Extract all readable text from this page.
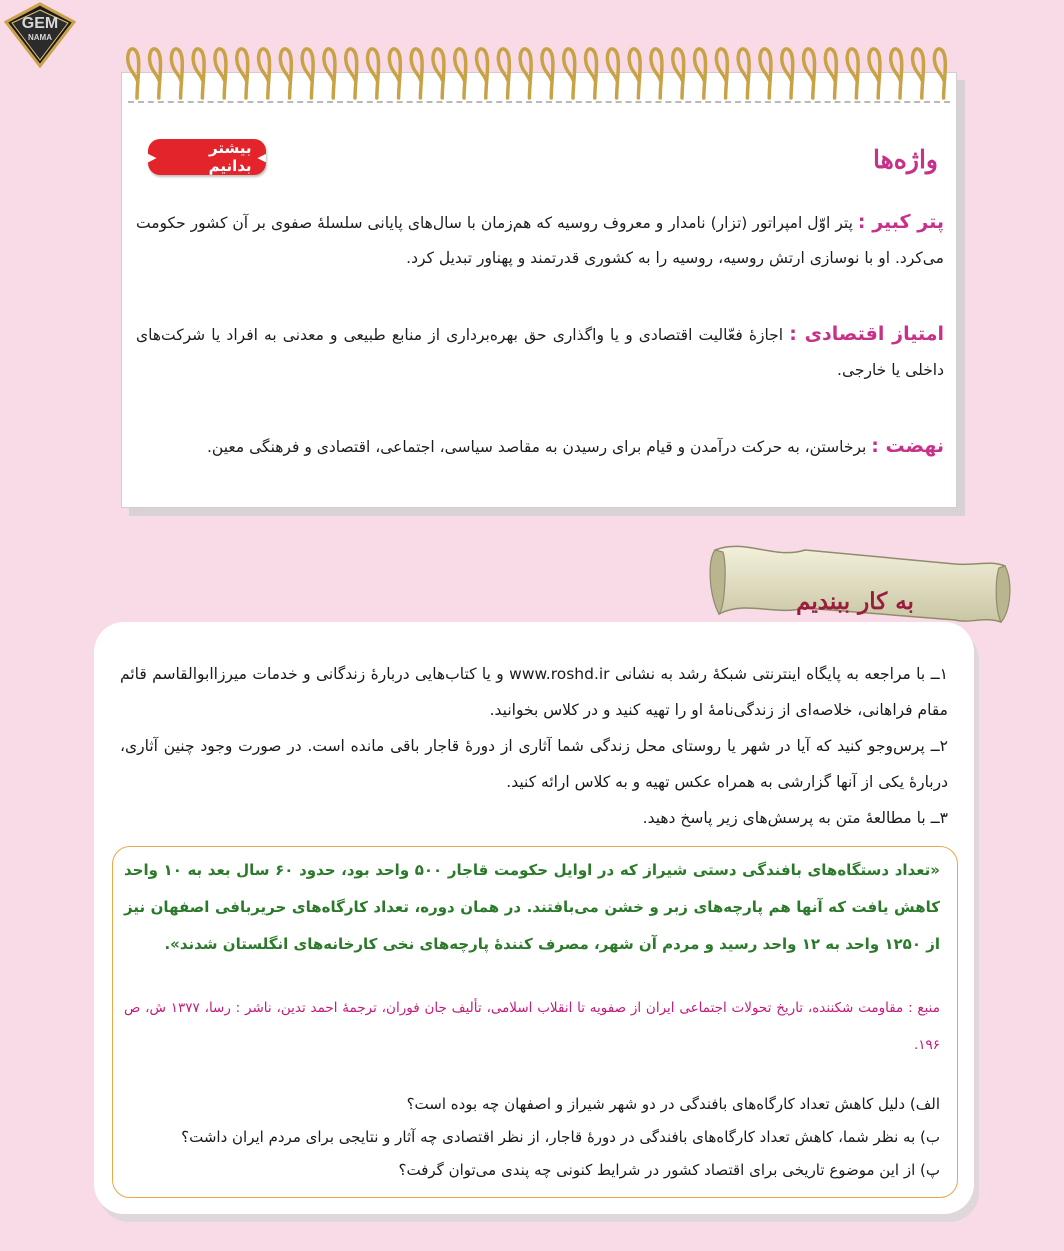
GEM
NAMA
واژه‌ها
◀
بیشتر بدانیم
▶
پتر کبیر : پتر اوّل امپراتور (تزار) نامدار و معروف روسیه که هم‌زمان با سال‌های پایانی سلسلهٔ صفوی بر آن کشور حکومت می‌کرد. او با نوسازی ارتش روسیه، روسیه را به کشوری قدرتمند و پهناور تبدیل کرد.
امتیاز اقتصادی : اجازهٔ فعّالیت اقتصادی و یا واگذاری حق بهره‌برداری از منابع طبیعی و معدنی به افراد یا شرکت‌های داخلی یا خارجی.
نهضت : برخاستن، به حرکت درآمدن و قیام برای رسیدن به مقاصد سیاسی، اجتماعی، اقتصادی و فرهنگی معین.
به کار ببندیم

۱ــ با مراجعه به پایگاه اینترنتی شبکهٔ رشد به نشانی www.roshd.ir و یا کتاب‌هایی دربارهٔ زندگانی و خدمات میرزاابوالقاسم قائم مقام فراهانی، خلاصه‌ای از زندگی‌نامهٔ او را تهیه کنید و در کلاس بخوانید.

۲ــ پرس‌وجو کنید که آیا در شهر یا روستای محل زندگی شما آثاری از دورهٔ قاجار باقی مانده است. در صورت وجود چنین آثاری، دربارهٔ یکی از آنها گزارشی به همراه عکس تهیه و به کلاس ارائه کنید.

۳ــ با مطالعهٔ متن به پرسش‌های زیر پاسخ دهید.

«تعداد دستگاه‌های بافندگی دستی شیراز که در اوایل حکومت قاجار ۵۰۰ واحد بود، حدود ۶۰ سال بعد به ۱۰ واحد کاهش یافت که آنها هم پارچه‌های زبر و خشن می‌بافتند. در همان دوره، تعداد کارگاه‌های حریربافی اصفهان نیز از ۱۲۵۰ واحد به ۱۲ واحد رسید و مردم آن شهر، مصرف کنندهٔ پارچه‌های نخی کارخانه‌های انگلستان شدند».
منبع : مقاومت شکننده، تاریخ تحولات اجتماعی ایران از صفویه تا انقلاب اسلامی، تألیف جان فوران، ترجمهٔ احمد تدین، ناشر : رسا، ۱۳۷۷ ش، ص ۱۹۶.

الف) دلیل کاهش تعداد کارگاه‌های بافندگی در دو شهر شیراز و اصفهان چه بوده است؟

ب) به نظر شما، کاهش تعداد کارگاه‌های بافندگی در دورهٔ قاجار، از نظر اقتصادی چه آثار و نتایجی برای مردم ایران داشت؟

پ) از این موضوع تاریخی برای اقتصاد کشور در شرایط کنونی چه پندی می‌توان گرفت؟
